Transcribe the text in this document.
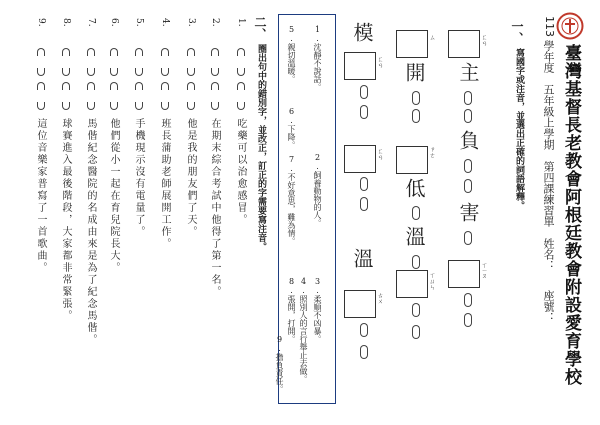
臺灣基督長老教會阿根廷教會附設愛育學校
113
學年度　五年級上學期　第四課練習單　姓名：
座號：
一、
寫國字或注音，並選出正確的詞語解釋。
ㄈㄢ
主
負
害
ㄒㄧㄡ
ㄙ
開
ㄗㄜ
低
溫
ㄒㄩㄣ
模
ㄈㄢ
ㄈㄢ
溫
ㄊㄨ
1.沈靜不說話。
2.飼養動物的人。
3.柔順不凶暴。
4.照別人的言行舉止去做。
5.親切溫暖。
6.下降。
7.不好意思，難為情。
8.張開，打開。
9.擔負責任。
二、
圈出句中的錯別字，並改正，訂正的字需要寫注音。
1.
吃藥可以治愈感冒。
2.
在期末綜合考試中他得了第一名。
3.
他是我的朋友們了天。
4.
班長蒲助老師展開工作。
5.
手機現示沒有電量了。
6.
他們從小一起在育兒院長大。
7.
馬偕紀念醫院的名成由來是為了紀念馬偕。
8.
球賽進入最後階段，大家都非常緊張。
9.
這位音樂家普寫了一首歌曲。
